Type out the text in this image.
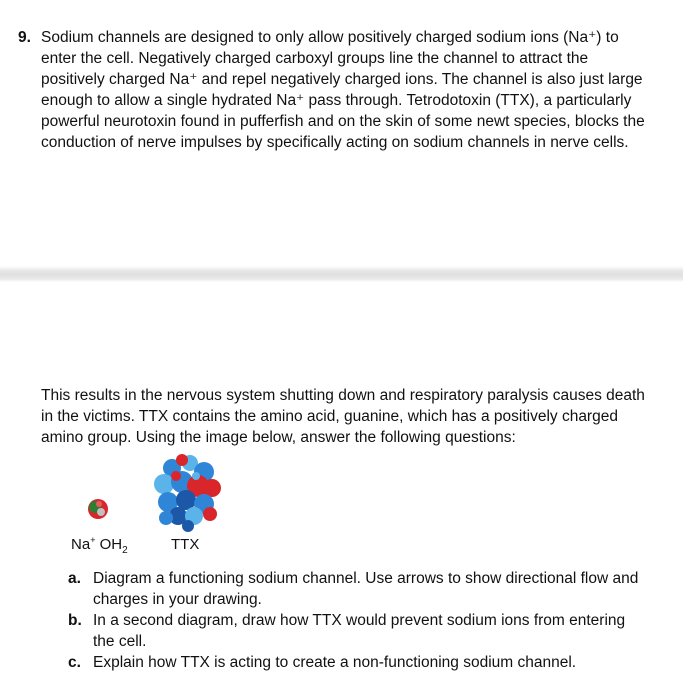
9. Sodium channels are designed to only allow positively charged sodium ions (Na⁺) to
enter the cell. Negatively charged carboxyl groups line the channel to attract the
positively charged Na⁺ and repel negatively charged ions. The channel is also just large
enough to allow a single hydrated Na⁺ pass through. Tetrodotoxin (TTX), a particularly
powerful neurotoxin found in pufferfish and on the skin of some newt species, blocks the
conduction of nerve impulses by specifically acting on sodium channels in nerve cells.
This results in the nervous system shutting down and respiratory paralysis causes death
in the victims. TTX contains the amino acid, guanine, which has a positively charged
amino group. Using the image below, answer the following questions:
Na+ $OH_2$	TTX
a. Diagram a functioning sodium channel. Use arrows to show directional flow and
charges in your drawing.
b. In a second diagram, draw how TTX would prevent sodium ions from entering
the cell.
c. Explain how TTX is acting to create a non-functioning sodium channel.
